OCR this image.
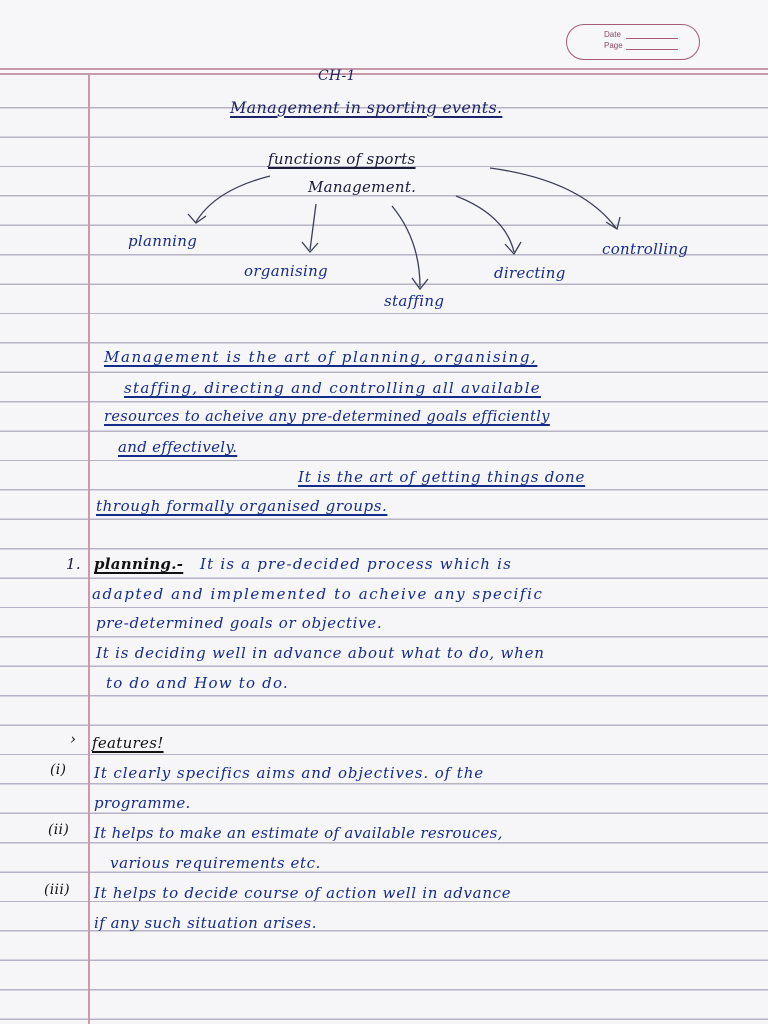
Date
Page
CH-1
Management in sporting events.
functions of sports
Management.
planning
organising
staffing
directing
controlling
Management is the art of planning, organising,
staffing, directing and controlling all available
resources to acheive any pre-determined goals efficiently
and effectively.
It is the art of getting things done
through formally organised groups.
1. planning.- It is a pre-decided process which is
adapted and implemented to acheive any specific
pre-determined goals or objective.
It is deciding well in advance about what to do, when
to do and How to do.
› features!
(i) It clearly specifics aims and objectives. of the
programme.
(ii) It helps to make an estimate of available resrouces,
various requirements etc.
(iii) It helps to decide course of action well in advance
if any such situation arises.
